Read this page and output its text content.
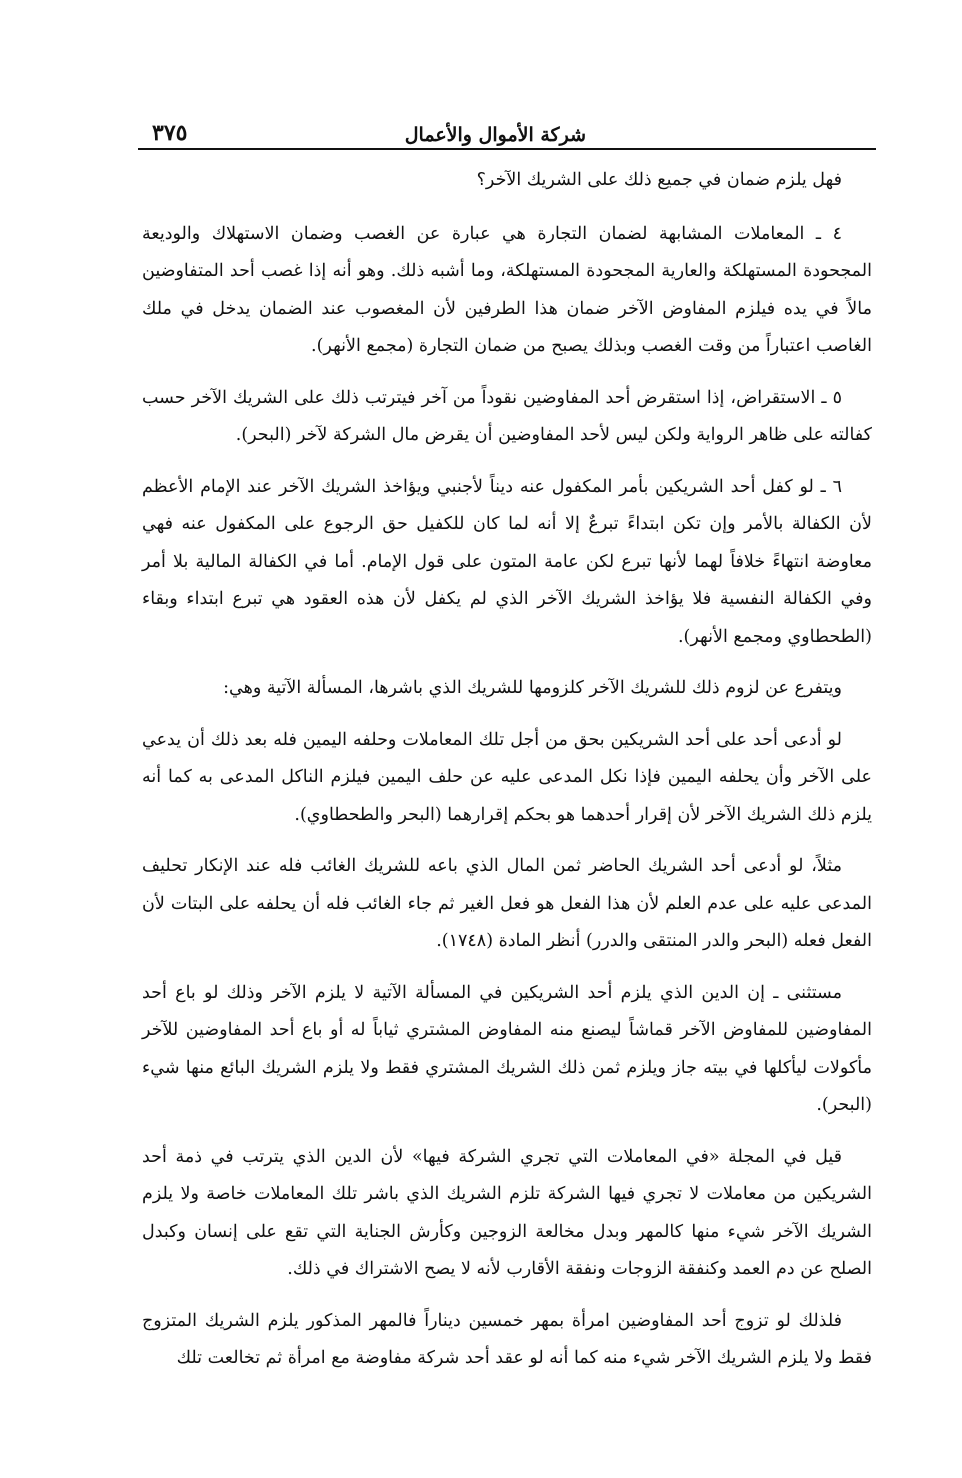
شركة الأموال والأعمال
٣٧٥

فهل يلزم ضمان في جميع ذلك على الشريك الآخر؟

٤ ـ المعاملات المشابهة لضمان التجارة هي عبارة عن الغصب وضمان الاستهلاك والوديعة المجحودة المستهلكة والعارية المجحودة المستهلكة، وما أشبه ذلك. وهو أنه إذا غصب أحد المتفاوضين مالاً في يده فيلزم المفاوض الآخر ضمان هذا الطرفين لأن المغصوب عند الضمان يدخل في ملك الغاصب اعتباراً من وقت الغصب وبذلك يصبح من ضمان التجارة (مجمع الأنهر).

٥ ـ الاستقراض، إذا استقرض أحد المفاوضين نقوداً من آخر فيترتب ذلك على الشريك الآخر حسب كفالته على ظاهر الرواية ولكن ليس لأحد المفاوضين أن يقرض مال الشركة لآخر (البحر).

٦ ـ لو كفل أحد الشريكين بأمر المكفول عنه ديناً لأجنبي ويؤاخذ الشريك الآخر عند الإمام الأعظم لأن الكفالة بالأمر وإن تكن ابتداءً تبرعٌ إلا أنه لما كان للكفيل حق الرجوع على المكفول عنه فهي معاوضة انتهاءً خلافاً لهما لأنها تبرع لكن عامة المتون على قول الإمام. أما في الكفالة المالية بلا أمر وفي الكفالة النفسية فلا يؤاخذ الشريك الآخر الذي لم يكفل لأن هذه العقود هي تبرع ابتداء وبقاء (الطحطاوي ومجمع الأنهر).

ويتفرع عن لزوم ذلك للشريك الآخر كلزومها للشريك الذي باشرها، المسألة الآتية وهي:

لو أدعى أحد على أحد الشريكين بحق من أجل تلك المعاملات وحلفه اليمين فله بعد ذلك أن يدعي على الآخر وأن يحلفه اليمين فإذا نكل المدعى عليه عن حلف اليمين فيلزم الناكل المدعى به كما أنه يلزم ذلك الشريك الآخر لأن إقرار أحدهما هو بحكم إقرارهما (البحر والطحطاوي).

مثلاً، لو أدعى أحد الشريك الحاضر ثمن المال الذي باعه للشريك الغائب فله عند الإنكار تحليف المدعى عليه على عدم العلم لأن هذا الفعل هو فعل الغير ثم جاء الغائب فله أن يحلفه على البتات لأن الفعل فعله (البحر والدر المنتقى والدرر) أنظر المادة (١٧٤٨).

مستثنى ـ إن الدين الذي يلزم أحد الشريكين في المسألة الآتية لا يلزم الآخر وذلك لو باع أحد المفاوضين للمفاوض الآخر قماشاً ليصنع منه المفاوض المشتري ثياباً له أو باع أحد المفاوضين للآخر مأكولات ليأكلها في بيته جاز ويلزم ثمن ذلك الشريك المشتري فقط ولا يلزم الشريك البائع منها شيء (البحر).

قيل في المجلة «في المعاملات التي تجري الشركة فيها» لأن الدين الذي يترتب في ذمة أحد الشريكين من معاملات لا تجري فيها الشركة تلزم الشريك الذي باشر تلك المعاملات خاصة ولا يلزم الشريك الآخر شيء منها كالمهر وبدل مخالعة الزوجين وكأرش الجناية التي تقع على إنسان وكبدل الصلح عن دم العمد وكنفقة الزوجات ونفقة الأقارب لأنه لا يصح الاشتراك في ذلك.

فلذلك لو تزوج أحد المفاوضين امرأة بمهر خمسين ديناراً فالمهر المذكور يلزم الشريك المتزوج فقط ولا يلزم الشريك الآخر شيء منه كما أنه لو عقد أحد شركة مفاوضة مع امرأة ثم تخالعت تلك
